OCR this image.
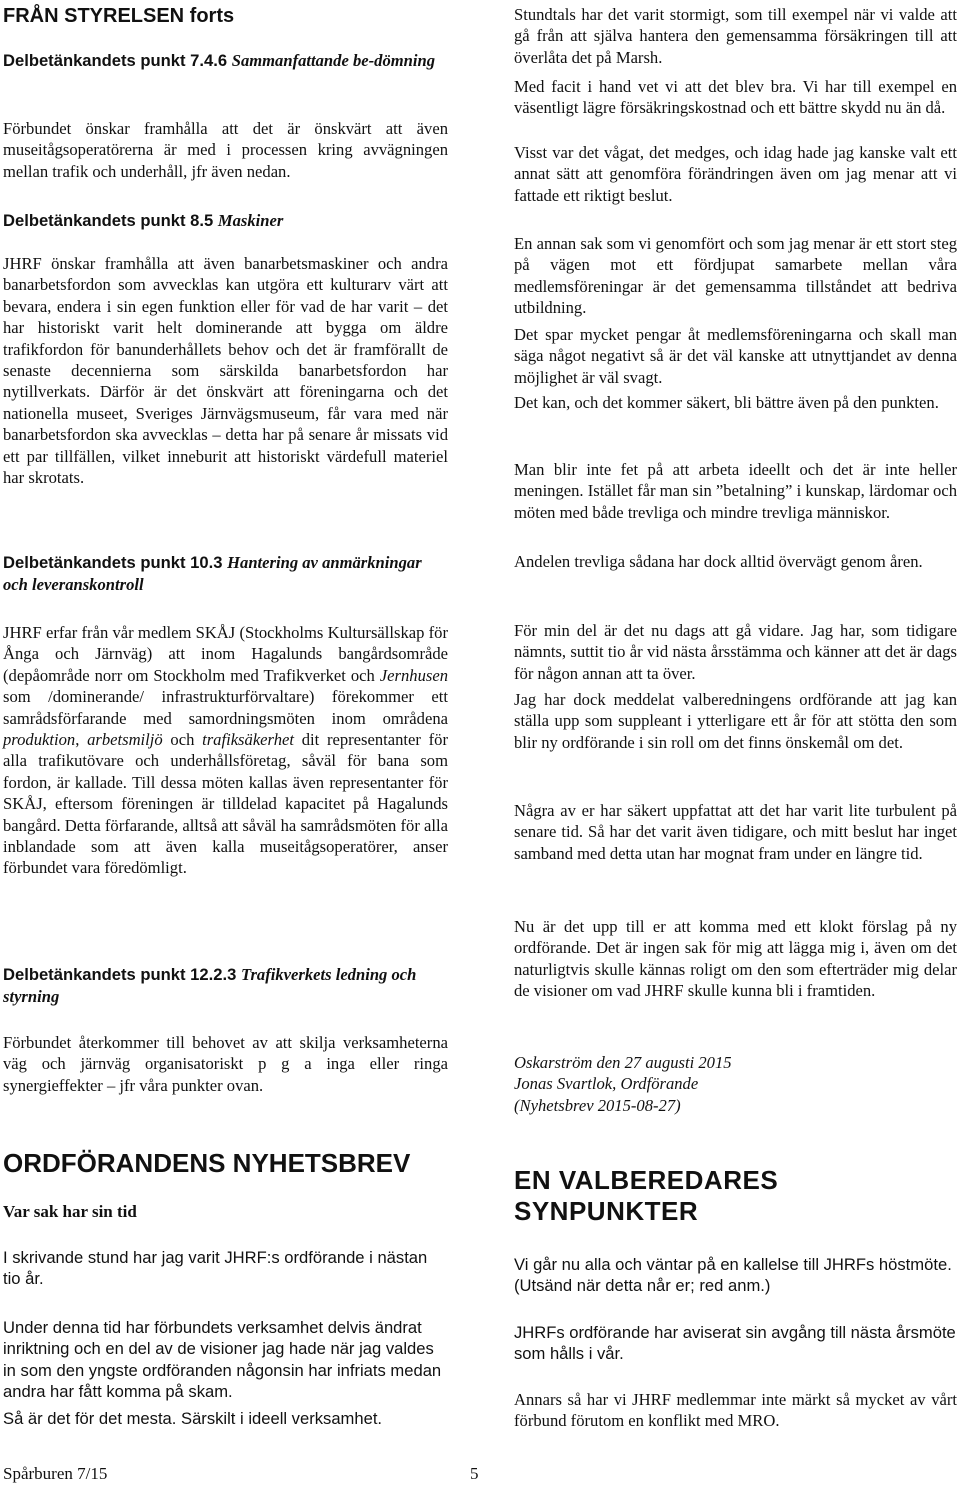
FRÅN STYRELSEN forts
Delbetänkandets punkt 7.4.6 Sammanfattande be-dömning

Förbundet önskar framhålla att det är önskvärt att även museitågsoperatörerna är med i processen kring avvägningen mellan trafik och underhåll, jfr även nedan.

Delbetänkandets punkt 8.5 Maskiner

JHRF önskar framhålla att även banarbetsmaskiner och andra banarbetsfordon som avvecklas kan utgöra ett kulturarv värt att bevara, endera i sin egen funktion eller för vad de har varit – det har historiskt varit helt dominerande att bygga om äldre trafikfordon för banunderhållets behov och det är framförallt de senaste decennierna som särskilda banarbetsfordon har nytillverkats. Därför är det önskvärt att föreningarna och det nationella museet, Sveriges Järnvägsmuseum, får vara med när banarbetsfordon ska avvecklas – detta har på senare år missats vid ett par tillfällen, vilket inneburit att historiskt värdefull materiel har skrotats.

Delbetänkandets punkt 10.3 Hantering av anmärkningar och leveranskontroll

JHRF erfar från vår medlem SKÅJ (Stockholms Kultursällskap för Ånga och Järnväg) att inom Hagalunds bangårdsområde (depåområde norr om Stockholm med Trafikverket och Jernhusen som /dominerande/ infrastrukturförvaltare) förekommer ett samrådsförfarande med samordningsmöten inom områdena produktion, arbetsmiljö och trafiksäkerhet dit representanter för alla trafikutövare och underhållsföretag, såväl för bana som fordon, är kallade. Till dessa möten kallas även representanter för SKÅJ, eftersom föreningen är tilldelad kapacitet på Hagalunds bangård. Detta förfarande, alltså att såväl ha samrådsmöten för alla inblandade som att även kalla museitågsoperatörer, anser förbundet vara föredömligt.

Delbetänkandets punkt 12.2.3 Trafikverkets ledning och styrning

Förbundet återkommer till behovet av att skilja verksamheterna väg och järnväg organisatoriskt p g a inga eller ringa synergieffekter – jfr våra punkter ovan.

ORDFÖRANDENS NYHETSBREV
Var sak har sin tid

I skrivande stund har jag varit JHRF:s ordförande i nästan tio år.

Under denna tid har förbundets verksamhet delvis ändrat inriktning och en del av de visioner jag hade när jag valdes in som den yngste ordföranden någonsin har infriats medan andra har fått komma på skam.

Så är det för det mesta. Särskilt i ideell verksamhet.

Stundtals har det varit stormigt, som till exempel när vi valde att gå från att själva hantera den gemensamma försäkringen till att överlåta det på Marsh.

Med facit i hand vet vi att det blev bra. Vi har till exempel en väsentligt lägre försäkringskostnad och ett bättre skydd nu än då.

Visst var det vågat, det medges, och idag hade jag kanske valt ett annat sätt att genomföra förändringen även om jag menar att vi fattade ett riktigt beslut.

En annan sak som vi genomfört och som jag menar är ett stort steg på vägen mot ett fördjupat samarbete mellan våra medlemsföreningar är det gemensamma tillståndet att bedriva utbildning.

Det spar mycket pengar åt medlemsföreningarna och skall man säga något negativt så är det väl kanske att utnyttjandet av denna möjlighet är väl svagt.

Det kan, och det kommer säkert, bli bättre även på den punkten.

Man blir inte fet på att arbeta ideellt och det är inte heller meningen. Istället får man sin ”betalning” i kunskap, lärdomar och möten med både trevliga och mindre trevliga människor.

Andelen trevliga sådana har dock alltid övervägt genom åren.

För min del är det nu dags att gå vidare. Jag har, som tidigare nämnts, suttit tio år vid nästa årsstämma och känner att det är dags för någon annan att ta över.

Jag har dock meddelat valberedningens ordförande att jag kan ställa upp som suppleant i ytterligare ett år för att stötta den som blir ny ordförande i sin roll om det finns önskemål om det.

Några av er har säkert uppfattat att det har varit lite turbulent på senare tid. Så har det varit även tidigare, och mitt beslut har inget samband med detta utan har mognat fram under en längre tid.

Nu är det upp till er att komma med ett klokt förslag på ny ordförande. Det är ingen sak för mig att lägga mig i, även om det naturligtvis skulle kännas roligt om den som efterträder mig delar de visioner om vad JHRF skulle kunna bli i framtiden.

Oskarström den 27 augusti 2015
Jonas Svartlok, Ordförande
(Nyhetsbrev 2015-08-27)
EN VALBEREDARES SYNPUNKTER

Vi går nu alla och väntar på en kallelse till JHRFs höstmöte. (Utsänd när detta når er; red anm.)

JHRFs ordförande har aviserat sin avgång till nästa årsmöte som hålls i vår.

Annars så har vi JHRF medlemmar inte märkt så mycket av vårt förbund förutom en konflikt med MRO.

Spårburen 7/15	5
